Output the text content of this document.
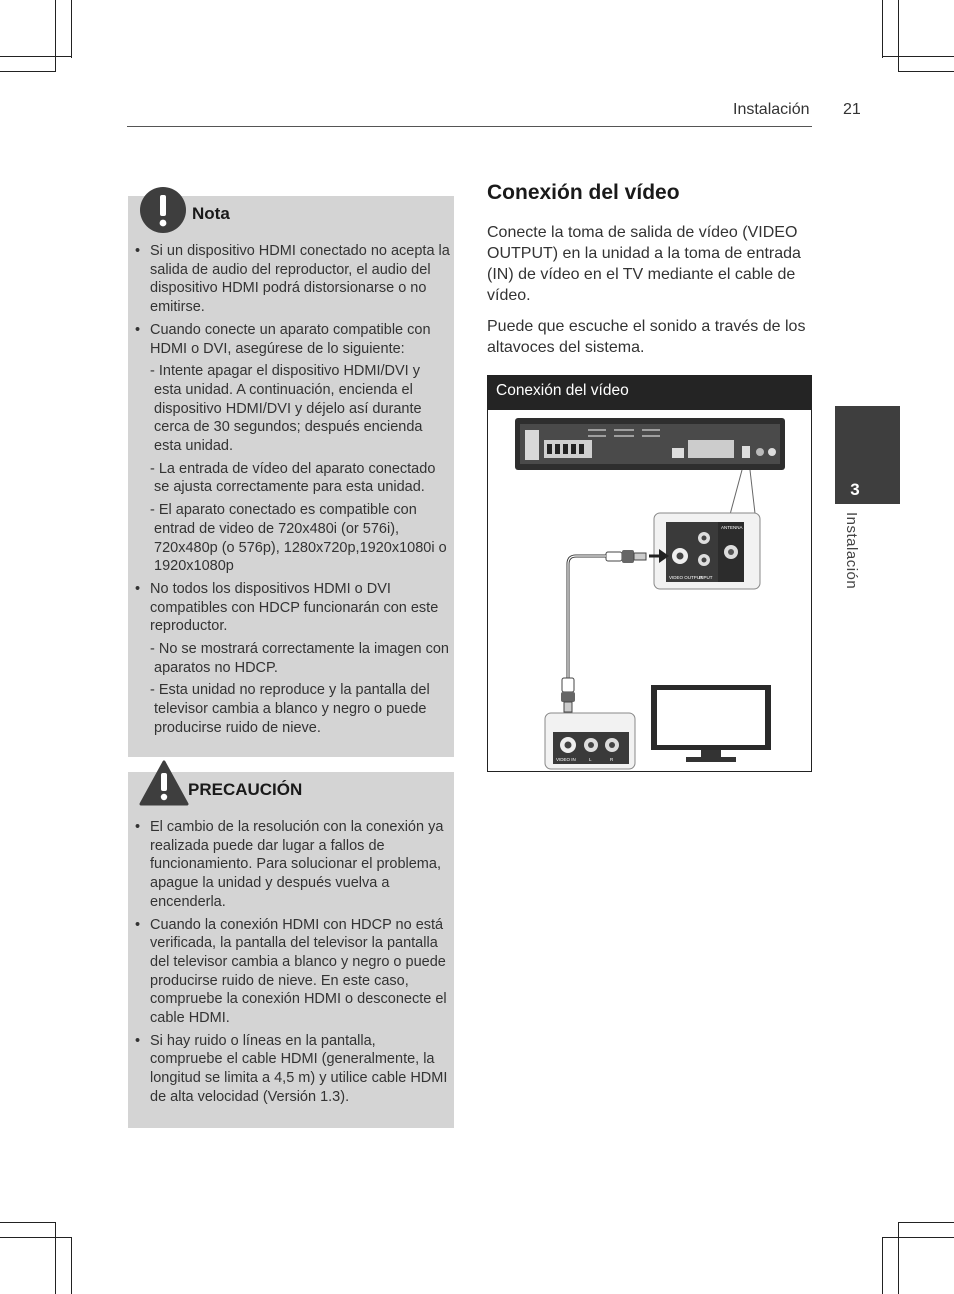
Instalación 21
3
Instalación
Nota
• Si un dispositivo HDMI conectado no acepta la salida de audio del reproductor, el audio del dispositivo HDMI podrá distorsionarse o no emitirse.
• Cuando conecte un aparato compatible con HDMI o DVI, asegúrese de lo siguiente:
- Intente apagar el dispositivo HDMI/DVI y esta unidad. A continuación, encienda el dispositivo HDMI/DVI y déjelo así durante cerca de 30 segundos; después encienda esta unidad.
- La entrada de vídeo del aparato conectado se ajusta correctamente para esta unidad.
- El aparato conectado es compatible con entrad de video de 720x480i (or 576i), 720x480p (o 576p), 1280x720p,1920x1080i o 1920x1080p
• No todos los dispositivos HDMI o DVI compatibles con HDCP funcionarán con este reproductor.
- No se mostrará correctamente la imagen con aparatos no HDCP.
- Esta unidad no reproduce y la pantalla del televisor cambia a blanco y negro o puede producirse ruido de nieve.
PRECAUCIÓN
• El cambio de la resolución con la conexión ya realizada puede dar lugar a fallos de funcionamiento. Para solucionar el problema, apague la unidad y después vuelva a encenderla.
• Cuando la conexión HDMI con HDCP no está verificada, la pantalla del televisor la pantalla del televisor cambia a blanco y negro o puede producirse ruido de nieve. En este caso, compruebe la conexión HDMI o desconecte el cable HDMI.
• Si hay ruido o líneas en la pantalla, compruebe el cable HDMI (generalmente, la longitud se limita a 4,5 m) y utilice cable HDMI de alta velocidad (Versión 1.3).
Conexión del vídeo

Conecte la toma de salida de vídeo (VIDEO OUTPUT) en la unidad a la toma de entrada (IN) de vídeo en el TV mediante el cable de vídeo.

Puede que escuche el sonido a través de los altavoces del sistema.

Conexión del vídeo
ANTENNA
VIDEO OUTPUT
INPUT
VIDEO IN	L	R
